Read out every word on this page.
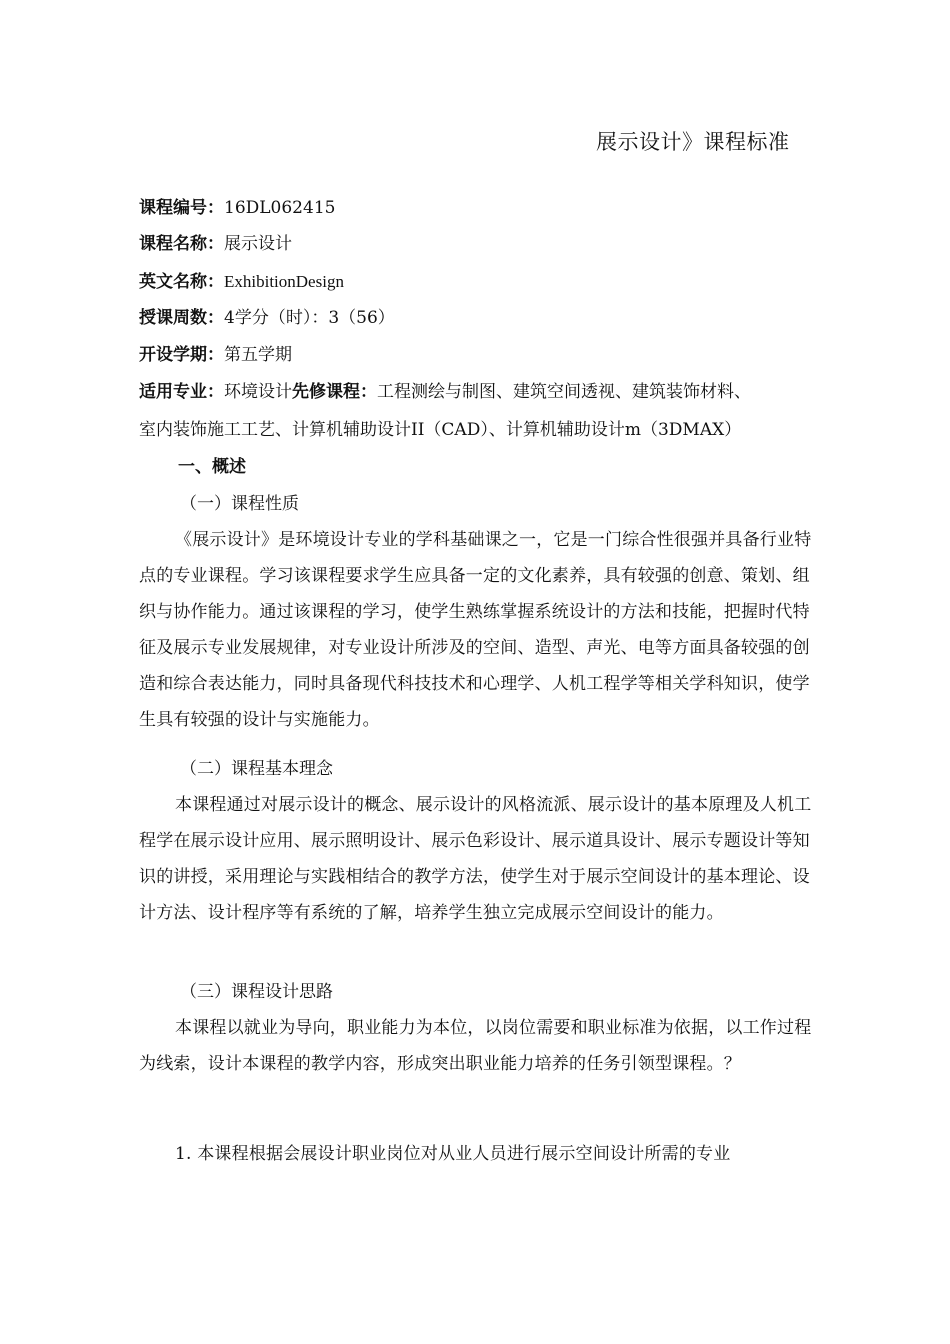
展示设计》课程标准
课程编号：16DL062415
课程名称：展示设计
英文名称：ExhibitionDesign
授课周数：4学分（时）：3（56）
开设学期：第五学期
适用专业：环境设计先修课程：工程测绘与制图、建筑空间透视、建筑装饰材料、
室内装饰施工工艺、计算机辅助设计II（CAD）、计算机辅助设计m（3DMAX）
一、概述
（一）课程性质
《展示设计》是环境设计专业的学科基础课之一，它是一门综合性很强并具备行业特点的专业课程。学习该课程要求学生应具备一定的文化素养，具有较强的创意、策划、组织与协作能力。通过该课程的学习，使学生熟练掌握系统设计的方法和技能，把握时代特征及展示专业发展规律，对专业设计所涉及的空间、造型、声光、电等方面具备较强的创造和综合表达能力，同时具备现代科技技术和心理学、人机工程学等相关学科知识，使学生具有较强的设计与实施能力。
（二）课程基本理念
本课程通过对展示设计的概念、展示设计的风格流派、展示设计的基本原理及人机工程学在展示设计应用、展示照明设计、展示色彩设计、展示道具设计、展示专题设计等知识的讲授，采用理论与实践相结合的教学方法，使学生对于展示空间设计的基本理论、设计方法、设计程序等有系统的了解，培养学生独立完成展示空间设计的能力。
（三）课程设计思路
本课程以就业为导向，职业能力为本位，以岗位需要和职业标准为依据，以工作过程为线索，设计本课程的教学内容，形成突出职业能力培养的任务引领型课程。？
1. 本课程根据会展设计职业岗位对从业人员进行展示空间设计所需的专业
